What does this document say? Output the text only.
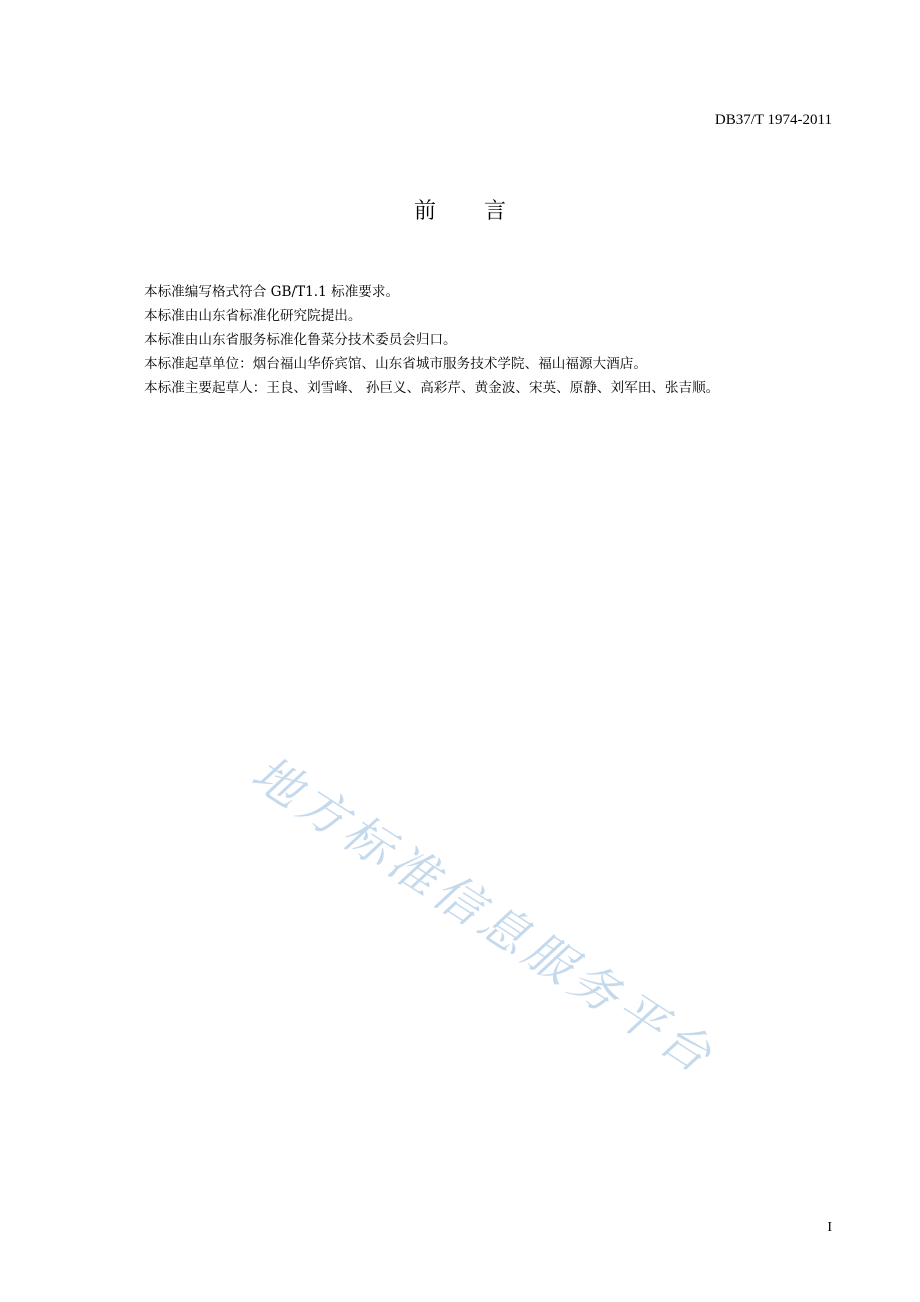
DB37/T 1974-2011
前言

本标准编写格式符合 GB/T1.1 标准要求。

本标准由山东省标准化研究院提出。

本标准由山东省服务标准化鲁菜分技术委员会归口。

本标准起草单位：烟台福山华侨宾馆、山东省城市服务技术学院、福山福源大酒店。

本标准主要起草人：王良、刘雪峰、 孙巨义、高彩芹、黄金波、宋英、原静、刘军田、张吉顺。

地方标准信息服务平台
I
